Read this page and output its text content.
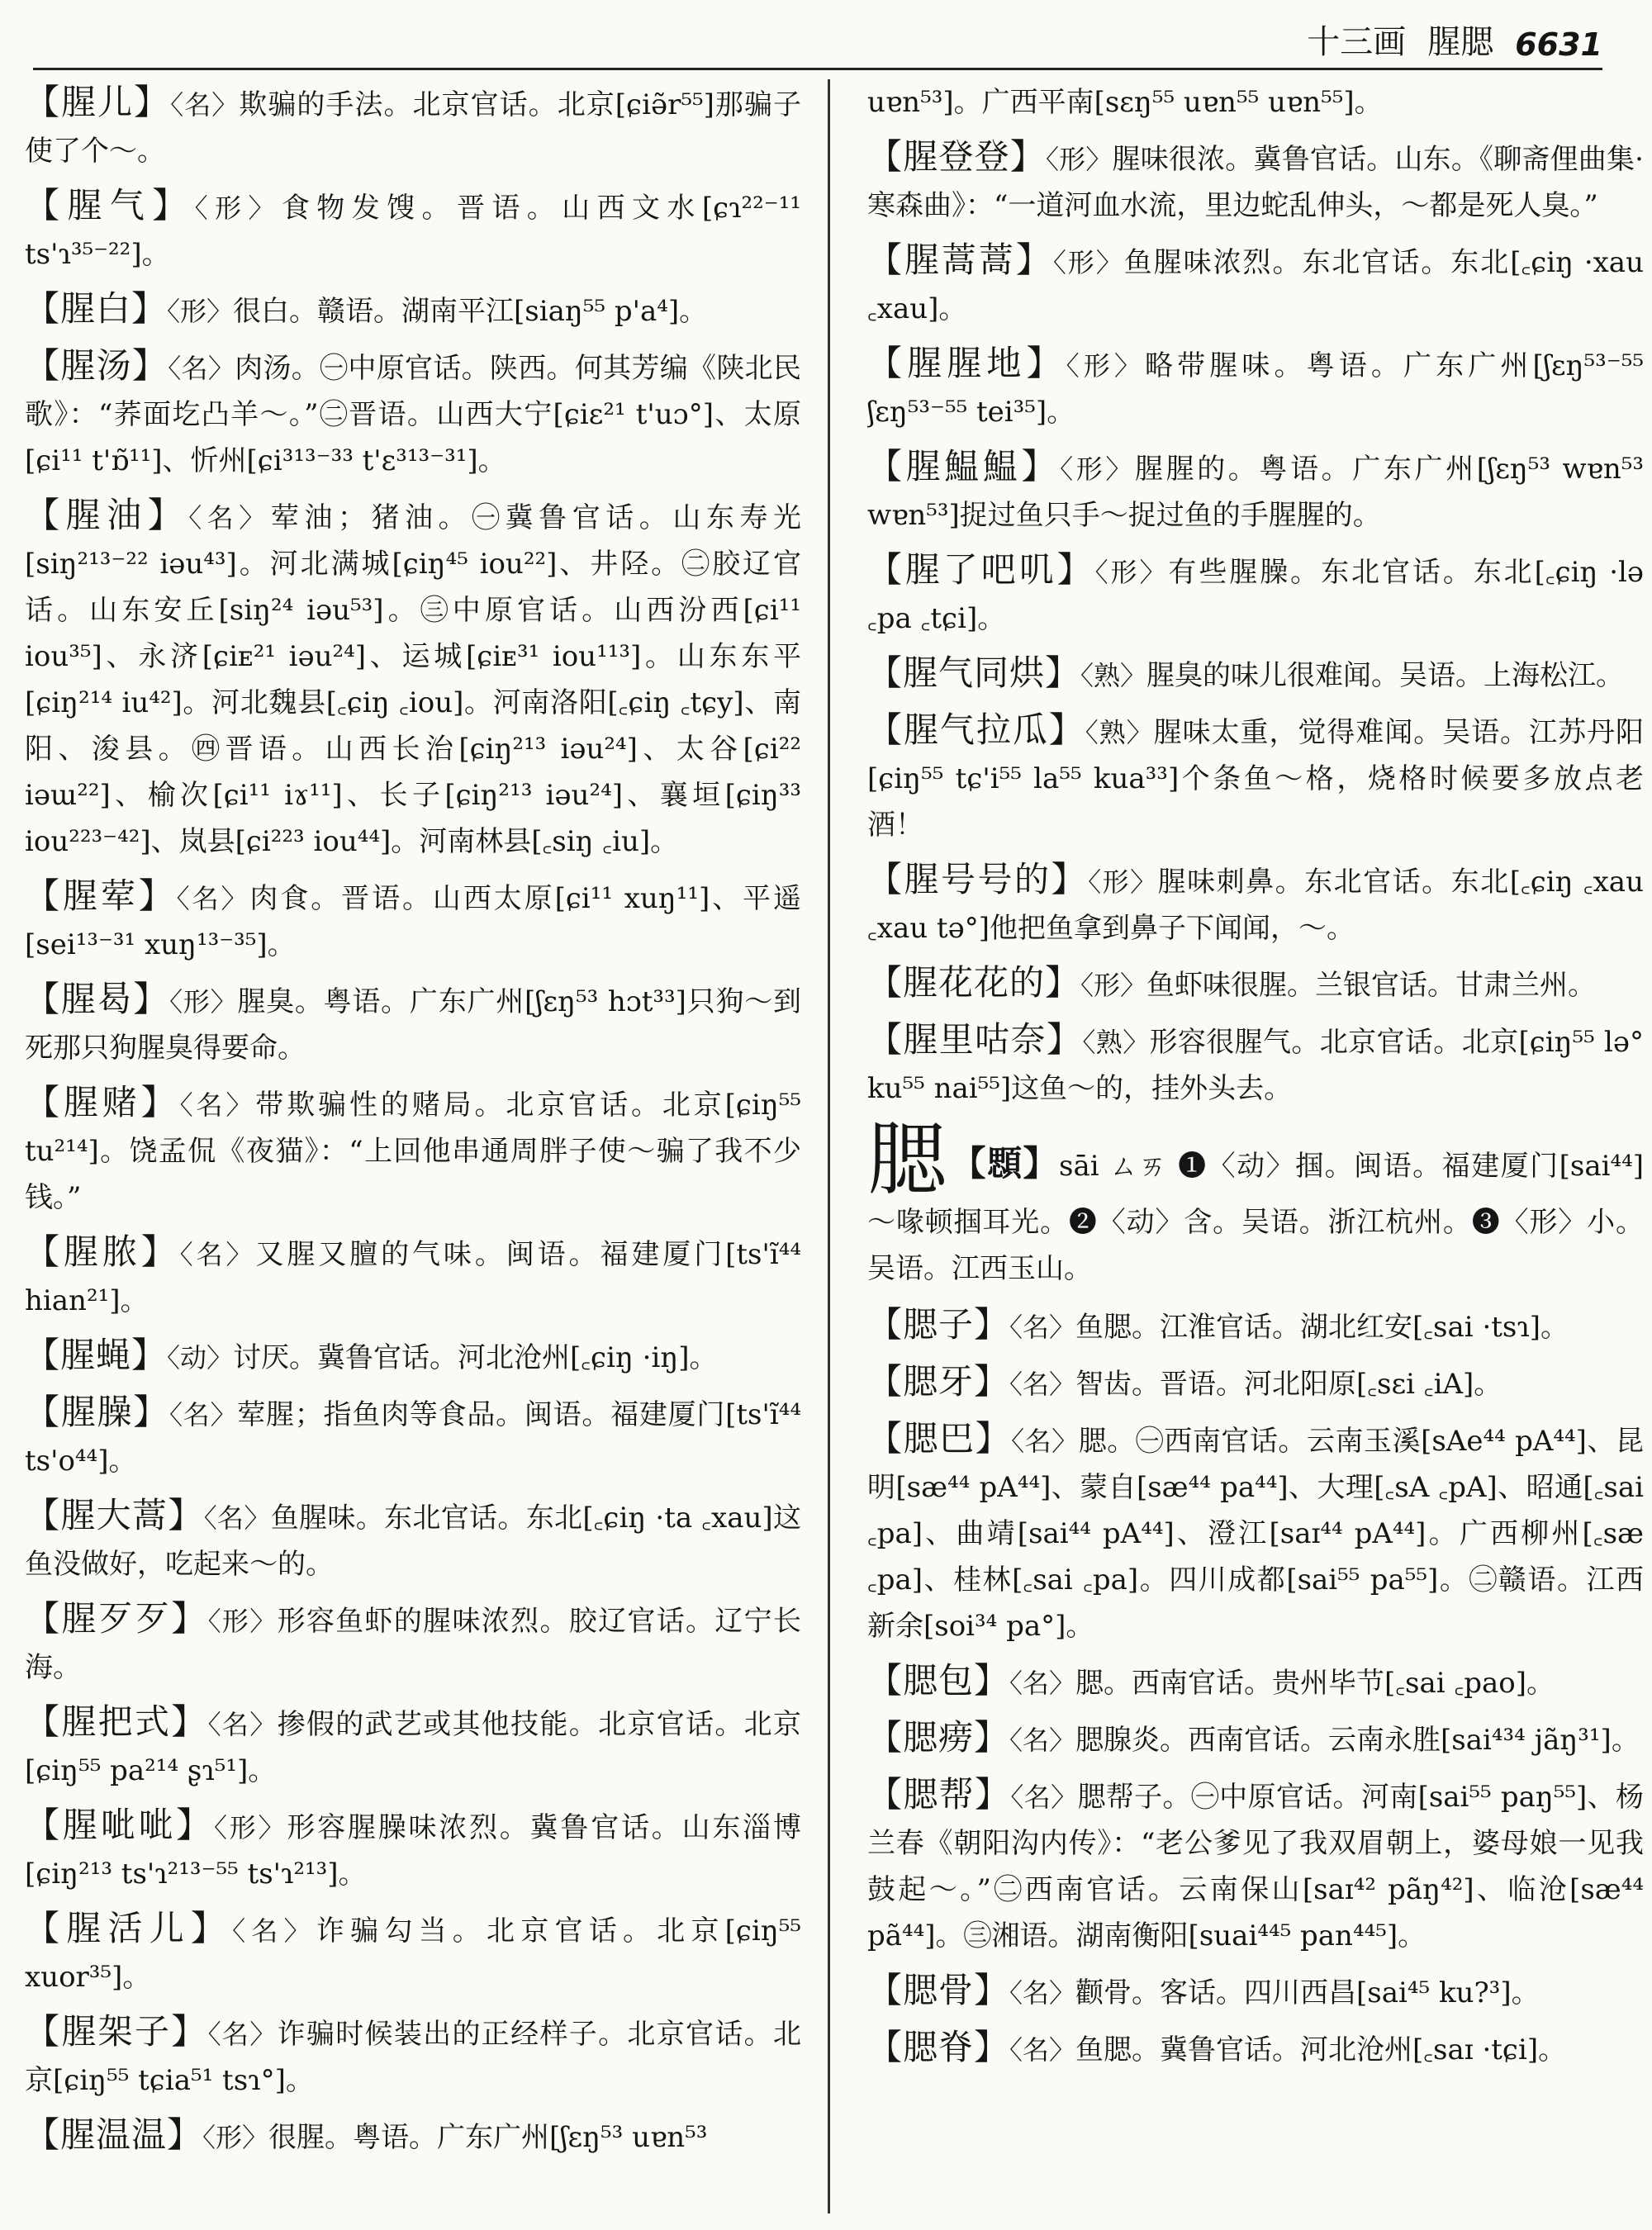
十三画 腥腮 6631

【腥儿】〈名〉欺骗的手法。北京官话。北京[ɕiə̃r⁵⁵]那骗子使了个～。

【腥气】〈形〉食物发馊。晋语。山西文水[ɕɿ²²⁻¹¹ ts'ɿ³⁵⁻²²]。

【腥白】〈形〉很白。赣语。湖南平江[siaŋ⁵⁵ p'a⁴]。

【腥汤】〈名〉肉汤。㊀中原官话。陕西。何其芳编《陕北民歌》：“荞面圪凸羊～。”㊁晋语。山西大宁[ɕiɛ²¹ t'uɔ°]、太原[ɕi¹¹ t'ɒ̃¹¹]、忻州[ɕi³¹³⁻³³ t'ɛ³¹³⁻³¹]。

【腥油】〈名〉荤油；猪油。㊀冀鲁官话。山东寿光[siŋ²¹³⁻²² iəu⁴³]。河北满城[ɕiŋ⁴⁵ iou²²]、井陉。㊁胶辽官话。山东安丘[siŋ²⁴ iəu⁵³]。㊂中原官话。山西汾西[ɕi¹¹ iou³⁵]、永济[ɕiᴇ²¹ iəu²⁴]、运城[ɕiᴇ³¹ iou¹¹³]。山东东平[ɕiŋ²¹⁴ iu⁴²]。河北魏县[꜀ɕiŋ ꜀iou]。河南洛阳[꜀ɕiŋ ꜀tɕy]、南阳、浚县。㊃晋语。山西长治[ɕiŋ²¹³ iəu²⁴]、太谷[ɕi²² iəɯ²²]、榆次[ɕi¹¹ iɤ¹¹]、长子[ɕiŋ²¹³ iəu²⁴]、襄垣[ɕiŋ³³ iou²²³⁻⁴²]、岚县[ɕi²²³ iou⁴⁴]。河南林县[꜀siŋ ꜀iu]。

【腥荤】〈名〉肉食。晋语。山西太原[ɕi¹¹ xuŋ¹¹]、平遥[sei¹³⁻³¹ xuŋ¹³⁻³⁵]。

【腥曷】〈形〉腥臭。粤语。广东广州[ʃɛŋ⁵³ hɔt³³]只狗～到死那只狗腥臭得要命。

【腥赌】〈名〉带欺骗性的赌局。北京官话。北京[ɕiŋ⁵⁵ tu²¹⁴]。饶孟侃《夜猫》：“上回他串通周胖子使～骗了我不少钱。”

【腥脓】〈名〉又腥又膻的气味。闽语。福建厦门[ts'ĩ⁴⁴ hian²¹]。

【腥蝇】〈动〉讨厌。冀鲁官话。河北沧州[꜀ɕiŋ ·iŋ]。

【腥臊】〈名〉荤腥；指鱼肉等食品。闽语。福建厦门[ts'ĩ⁴⁴ ts'o⁴⁴]。

【腥大蒿】〈名〉鱼腥味。东北官话。东北[꜀ɕiŋ ·ta ꜀xau]这鱼没做好，吃起来～的。

【腥歹歹】〈形〉形容鱼虾的腥味浓烈。胶辽官话。辽宁长海。

【腥把式】〈名〉掺假的武艺或其他技能。北京官话。北京[ɕiŋ⁵⁵ pa²¹⁴ ʂɿ⁵¹]。

【腥呲呲】〈形〉形容腥臊味浓烈。冀鲁官话。山东淄博[ɕiŋ²¹³ ts'ɿ²¹³⁻⁵⁵ ts'ɿ²¹³]。

【腥活儿】〈名〉诈骗勾当。北京官话。北京[ɕiŋ⁵⁵ xuor³⁵]。

【腥架子】〈名〉诈骗时候装出的正经样子。北京官话。北京[ɕiŋ⁵⁵ tɕia⁵¹ tsɿ°]。

【腥温温】〈形〉很腥。粤语。广东广州[ʃɛŋ⁵³ uɐn⁵³

uɐn⁵³]。广西平南[sɛŋ⁵⁵ uɐn⁵⁵ uɐn⁵⁵]。

【腥登登】〈形〉腥味很浓。冀鲁官话。山东。《聊斋俚曲集·寒森曲》：“一道河血水流，里边蛇乱伸头，～都是死人臭。”

【腥蒿蒿】〈形〉鱼腥味浓烈。东北官话。东北[꜀ɕiŋ ·xau ꜀xau]。

【腥腥地】〈形〉略带腥味。粤语。广东广州[ʃɛŋ⁵³⁻⁵⁵ ʃɛŋ⁵³⁻⁵⁵ tei³⁵]。

【腥鰛鰛】〈形〉腥腥的。粤语。广东广州[ʃɛŋ⁵³ wɐn⁵³ wɐn⁵³]捉过鱼只手～捉过鱼的手腥腥的。

【腥了吧叽】〈形〉有些腥臊。东北官话。东北[꜀ɕiŋ ·lə ꜀pa ꜀tɕi]。

【腥气同烘】〈熟〉腥臭的味儿很难闻。吴语。上海松江。

【腥气拉瓜】〈熟〉腥味太重，觉得难闻。吴语。江苏丹阳[ɕiŋ⁵⁵ tɕ'i⁵⁵ la⁵⁵ kua³³]个条鱼～格，烧格时候要多放点老酒！

【腥号号的】〈形〉腥味刺鼻。东北官话。东北[꜀ɕiŋ ꜀xau ꜀xau tə°]他把鱼拿到鼻子下闻闻，～。

【腥花花的】〈形〉鱼虾味很腥。兰银官话。甘肃兰州。

【腥里咕奈】〈熟〉形容很腥气。北京官话。北京[ɕiŋ⁵⁵ lə° ku⁵⁵ nai⁵⁵]这鱼～的，挂外头去。

腮【顋】sāi ㄙㄞ ❶〈动〉掴。闽语。福建厦门[sai⁴⁴]～喙顿掴耳光。❷〈动〉含。吴语。浙江杭州。❸〈形〉小。吴语。江西玉山。

【腮子】〈名〉鱼腮。江淮官话。湖北红安[꜀sai ·tsɿ]。

【腮牙】〈名〉智齿。晋语。河北阳原[꜀sɛi ꜀iA]。

【腮巴】〈名〉腮。㊀西南官话。云南玉溪[sAe⁴⁴ pA⁴⁴]、昆明[sæ⁴⁴ pA⁴⁴]、蒙自[sæ⁴⁴ pa⁴⁴]、大理[꜀sA ꜀pA]、昭通[꜀sai ꜀pa]、曲靖[sai⁴⁴ pA⁴⁴]、澄江[saɪ⁴⁴ pA⁴⁴]。广西柳州[꜀sæ ꜀pa]、桂林[꜀sai ꜀pa]。四川成都[sai⁵⁵ pa⁵⁵]。㊁赣语。江西新余[soi³⁴ pa°]。

【腮包】〈名〉腮。西南官话。贵州毕节[꜀sai ꜀pao]。

【腮痨】〈名〉腮腺炎。西南官话。云南永胜[sai⁴³⁴ jãŋ³¹]。

【腮帮】〈名〉腮帮子。㊀中原官话。河南[sai⁵⁵ paŋ⁵⁵]、杨兰春《朝阳沟内传》：“老公爹见了我双眉朝上，婆母娘一见我鼓起～。”㊁西南官话。云南保山[saɪ⁴² pãŋ⁴²]、临沧[sæ⁴⁴ pã⁴⁴]。㊂湘语。湖南衡阳[suai⁴⁴⁵ pan⁴⁴⁵]。

【腮骨】〈名〉颧骨。客话。四川西昌[sai⁴⁵ ku?³]。

【腮脊】〈名〉鱼腮。冀鲁官话。河北沧州[꜀saɪ ·tɕi]。
